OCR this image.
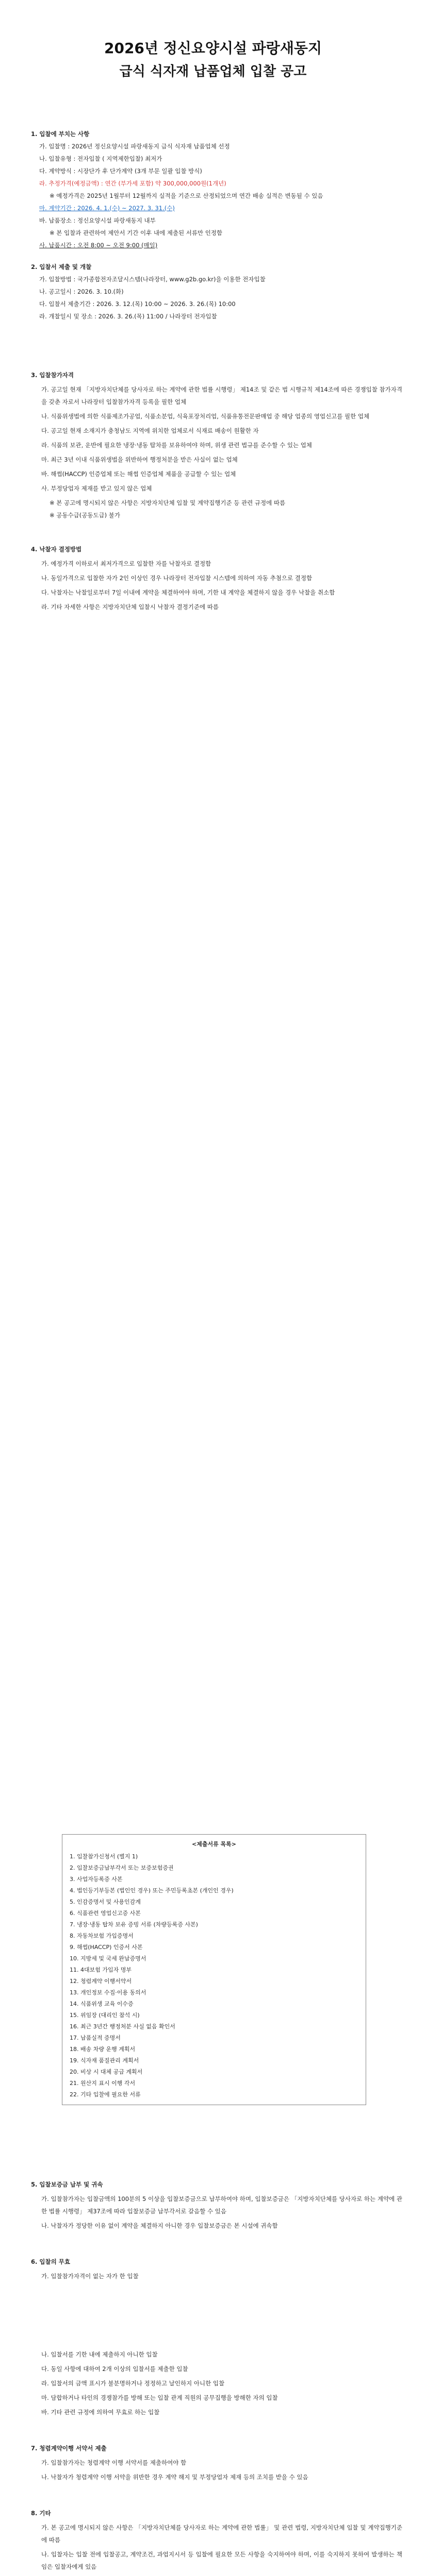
2026년 정신요양시설 파랑새동지
급식 식자재 납품업체 입찰 공고
1. 입찰에 부치는 사항
가. 입찰명 : 2026년 정신요양시설 파랑새동지 급식 식자재 납품업체 선정
나. 입찰유형 : 전자입찰 ( 지역제한입찰) 최저가
다. 계약방식 : 시장단가 후 단가계약 (3개 부문 일괄 입찰 방식)
라. 추정가격(예정금액) : 연간 (부가세 포함) 약 300,000,000원(1개년)
※ 예정가격은 2025년 1월부터 12월까지 실적을 기준으로 산정되었으며 연간 배송 실적은 변동될 수 있음
마. 계약기간 : 2026. 4. 1.(수) ~ 2027. 3. 31.(수)
바. 납품장소 : 정신요양시설 파랑새동지 내부
※ 본 입찰과 관련하여 제안서 기간 이후 내에 제출된 서류만 인정함
사. 납품시간 : 오전 8:00 ~ 오전 9:00 (매일)
2. 입찰서 제출 및 개찰
가. 입찰방법 : 국가종합전자조달시스템(나라장터, www.g2b.go.kr)을 이용한 전자입찰
나. 공고일시 : 2026. 3. 10.(화)
다. 입찰서 제출기간 : 2026. 3. 12.(목) 10:00 ~ 2026. 3. 26.(목) 10:00
라. 개찰일시 및 장소 : 2026. 3. 26.(목) 11:00 / 나라장터 전자입찰
3. 입찰참가자격
가. 공고일 현재 「지방자치단체를 당사자로 하는 계약에 관한 법률 시행령」 제14조 및 같은 법 시행규칙 제14조에 따른 경쟁입찰 참가자격을 갖춘 자로서 나라장터 입찰참가자격 등록을 필한 업체
나. 식품위생법에 의한 식품제조가공업, 식품소분업, 식육포장처리업, 식품유통전문판매업 중 해당 업종의 영업신고를 필한 업체
다. 공고일 현재 소재지가 충청남도 지역에 위치한 업체로서 식재료 배송이 원활한 자
라. 식품의 보관, 운반에 필요한 냉장·냉동 탑차를 보유하여야 하며, 위생 관련 법규를 준수할 수 있는 업체
마. 최근 3년 이내 식품위생법을 위반하여 행정처분을 받은 사실이 없는 업체
바. 해썹(HACCP) 인증업체 또는 해썹 인증업체 제품을 공급할 수 있는 업체
사. 부정당업자 제재를 받고 있지 않은 업체
※ 본 공고에 명시되지 않은 사항은 지방자치단체 입찰 및 계약집행기준 등 관련 규정에 따름
※ 공동수급(공동도급) 불가
4. 낙찰자 결정방법
가. 예정가격 이하로서 최저가격으로 입찰한 자를 낙찰자로 결정함
나. 동일가격으로 입찰한 자가 2인 이상인 경우 나라장터 전자입찰 시스템에 의하여 자동 추첨으로 결정함
다. 낙찰자는 낙찰일로부터 7일 이내에 계약을 체결하여야 하며, 기한 내 계약을 체결하지 않을 경우 낙찰을 취소함
라. 기타 자세한 사항은 지방자치단체 입찰시 낙찰자 결정기준에 따름
<제출서류 목록>
1. 입찰참가신청서 (별지 1)
2. 입찰보증금납부각서 또는 보증보험증권
3. 사업자등록증 사본
4. 법인등기부등본 (법인인 경우) 또는 주민등록초본 (개인인 경우)
5. 인감증명서 및 사용인감계
6. 식품관련 영업신고증 사본
7. 냉장·냉동 탑차 보유 증빙 서류 (차량등록증 사본)
8. 자동차보험 가입증명서
9. 해썹(HACCP) 인증서 사본
10. 지방세 및 국세 완납증명서
11. 4대보험 가입자 명부
12. 청렴계약 이행서약서
13. 개인정보 수집·이용 동의서
14. 식품위생 교육 이수증
15. 위임장 (대리인 참석 시)
16. 최근 3년간 행정처분 사실 없음 확인서
17. 납품실적 증명서
18. 배송 차량 운행 계획서
19. 식자재 품질관리 계획서
20. 비상 시 대체 공급 계획서
21. 원산지 표시 이행 각서
22. 기타 입찰에 필요한 서류
5. 입찰보증금 납부 및 귀속
가. 입찰참가자는 입찰금액의 100분의 5 이상을 입찰보증금으로 납부하여야 하며, 입찰보증금은 「지방자치단체를 당사자로 하는 계약에 관한 법률 시행령」 제37조에 따라 입찰보증금 납부각서로 갈음할 수 있음
나. 낙찰자가 정당한 이유 없이 계약을 체결하지 아니한 경우 입찰보증금은 본 시설에 귀속함
6. 입찰의 무효
가. 입찰참가자격이 없는 자가 한 입찰
나. 입찰서를 기한 내에 제출하지 아니한 입찰
다. 동일 사항에 대하여 2개 이상의 입찰서를 제출한 입찰
라. 입찰서의 금액 표시가 불분명하거나 정정하고 날인하지 아니한 입찰
마. 담합하거나 타인의 경쟁참가를 방해 또는 입찰 관계 직원의 공무집행을 방해한 자의 입찰
바. 기타 관련 규정에 의하여 무효로 하는 입찰
7. 청렴계약이행 서약서 제출
가. 입찰참가자는 청렴계약 이행 서약서를 제출하여야 함
나. 낙찰자가 청렴계약 이행 서약을 위반한 경우 계약 해지 및 부정당업자 제재 등의 조치를 받을 수 있음
8. 기타
가. 본 공고에 명시되지 않은 사항은 「지방자치단체를 당사자로 하는 계약에 관한 법률」 및 관련 법령, 지방자치단체 입찰 및 계약집행기준에 따름
나. 입찰자는 입찰 전에 입찰공고, 계약조건, 과업지시서 등 입찰에 필요한 모든 사항을 숙지하여야 하며, 이를 숙지하지 못하여 발생하는 책임은 입찰자에게 있음
